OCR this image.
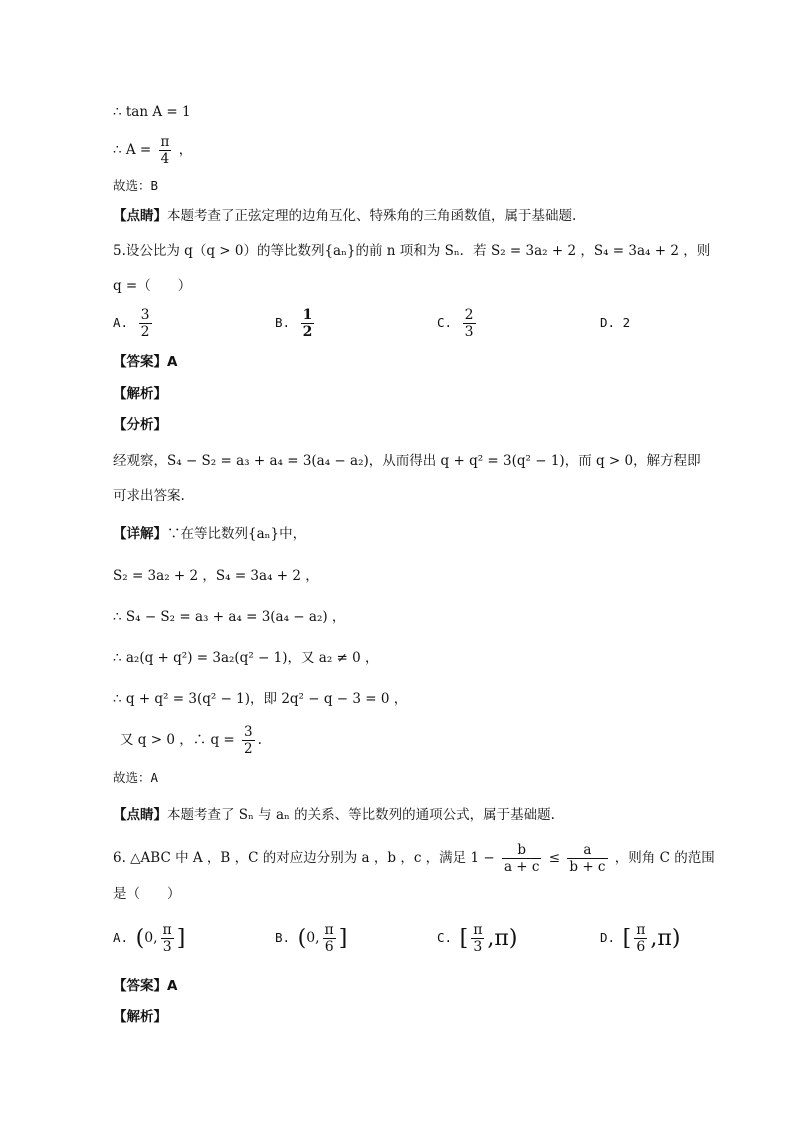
∴ tan A = 1
∴ $A = \frac{\pi}{4}$ ，
故选：B
【点睛】本题考查了正弦定理的边角互化、特殊角的三角函数值，属于基础题.
5.设公比为 q（q > 0）的等比数列{aₙ}的前 n 项和为 Sₙ．若 S₂ = 3a₂ + 2 ，S₄ = 3a₄ + 2 ，则
q =（　　）
A. $\frac{3}{2}$	B. $\frac{1}{2}$	C. $\frac{2}{3}$	D. 2
【答案】A
【解析】
【分析】
经观察，S₄ − S₂ = a₃ + a₄ = 3(a₄ − a₂)，从而得出 q + q² = 3(q² − 1)，而 q > 0，解方程即
可求出答案.
【详解】∵在等比数列{aₙ}中，
S₂ = 3a₂ + 2 ，S₄ = 3a₄ + 2 ，
∴ S₄ − S₂ = a₃ + a₄ = 3(a₄ − a₂) ，
∴ a₂(q + q²) = 3a₂(q² − 1)，又 a₂ ≠ 0 ，
∴ q + q² = 3(q² − 1)，即 2q² − q − 3 = 0 ，
又 q > 0 ，∴ $q = \frac{3}{2}$ .
故选：A
【点睛】本题考查了 Sₙ 与 aₙ 的关系、等比数列的通项公式，属于基础题.
6. △ABC 中 A ，B ，C 的对应边分别为 a ，b ，c ，满足 $1 - \frac{b}{a + c} \le \frac{a}{b + c}$ ，则角 C 的范围
是（　　）
A. (0, $\frac{\pi}{3}$ ]	B. (0, $\frac{\pi}{6}$ ]	C. [ $\frac{\pi}{3} ,\pi$)	D. [ $\frac{\pi}{6} ,\pi$)
【答案】A
【解析】
